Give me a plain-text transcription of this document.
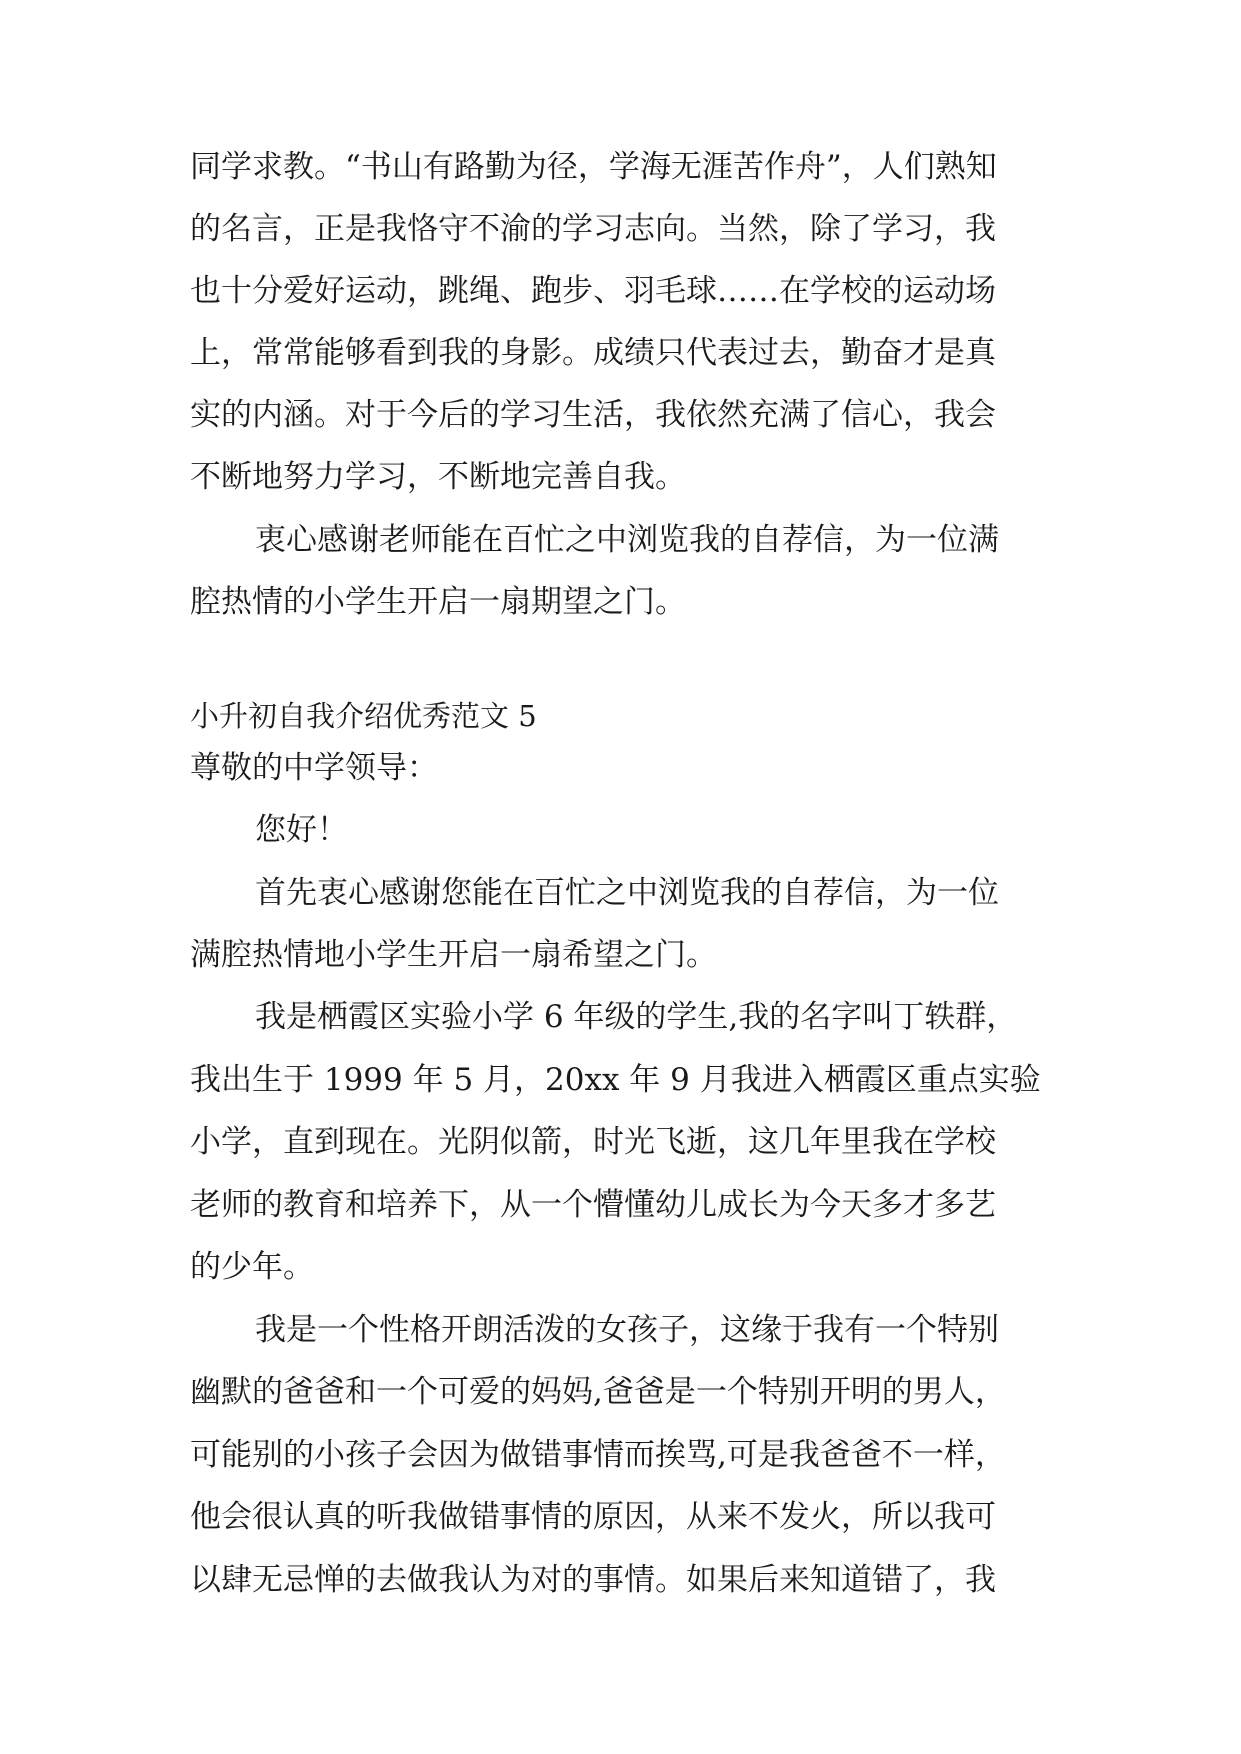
同学求教。“书山有路勤为径，学海无涯苦作舟”，人们熟知
的名言，正是我恪守不渝的学习志向。当然，除了学习，我
也十分爱好运动，跳绳、跑步、羽毛球……在学校的运动场
上，常常能够看到我的身影。成绩只代表过去，勤奋才是真
实的内涵。对于今后的学习生活，我依然充满了信心，我会
不断地努力学习，不断地完善自我。
衷心感谢老师能在百忙之中浏览我的自荐信，为一位满
腔热情的小学生开启一扇期望之门。
小升初自我介绍优秀范文 5
尊敬的中学领导：
您好！
首先衷心感谢您能在百忙之中浏览我的自荐信，为一位
满腔热情地小学生开启一扇希望之门。
我是栖霞区实验小学 6 年级的学生,我的名字叫丁轶群，
我出生于 1999 年 5 月，20xx 年 9 月我进入栖霞区重点实验
小学，直到现在。光阴似箭，时光飞逝，这几年里我在学校
老师的教育和培养下，从一个懵懂幼儿成长为今天多才多艺
的少年。
我是一个性格开朗活泼的女孩子，这缘于我有一个特别
幽默的爸爸和一个可爱的妈妈,爸爸是一个特别开明的男人，
可能别的小孩子会因为做错事情而挨骂,可是我爸爸不一样，
他会很认真的听我做错事情的原因，从来不发火，所以我可
以肆无忌惮的去做我认为对的事情。如果后来知道错了，我
